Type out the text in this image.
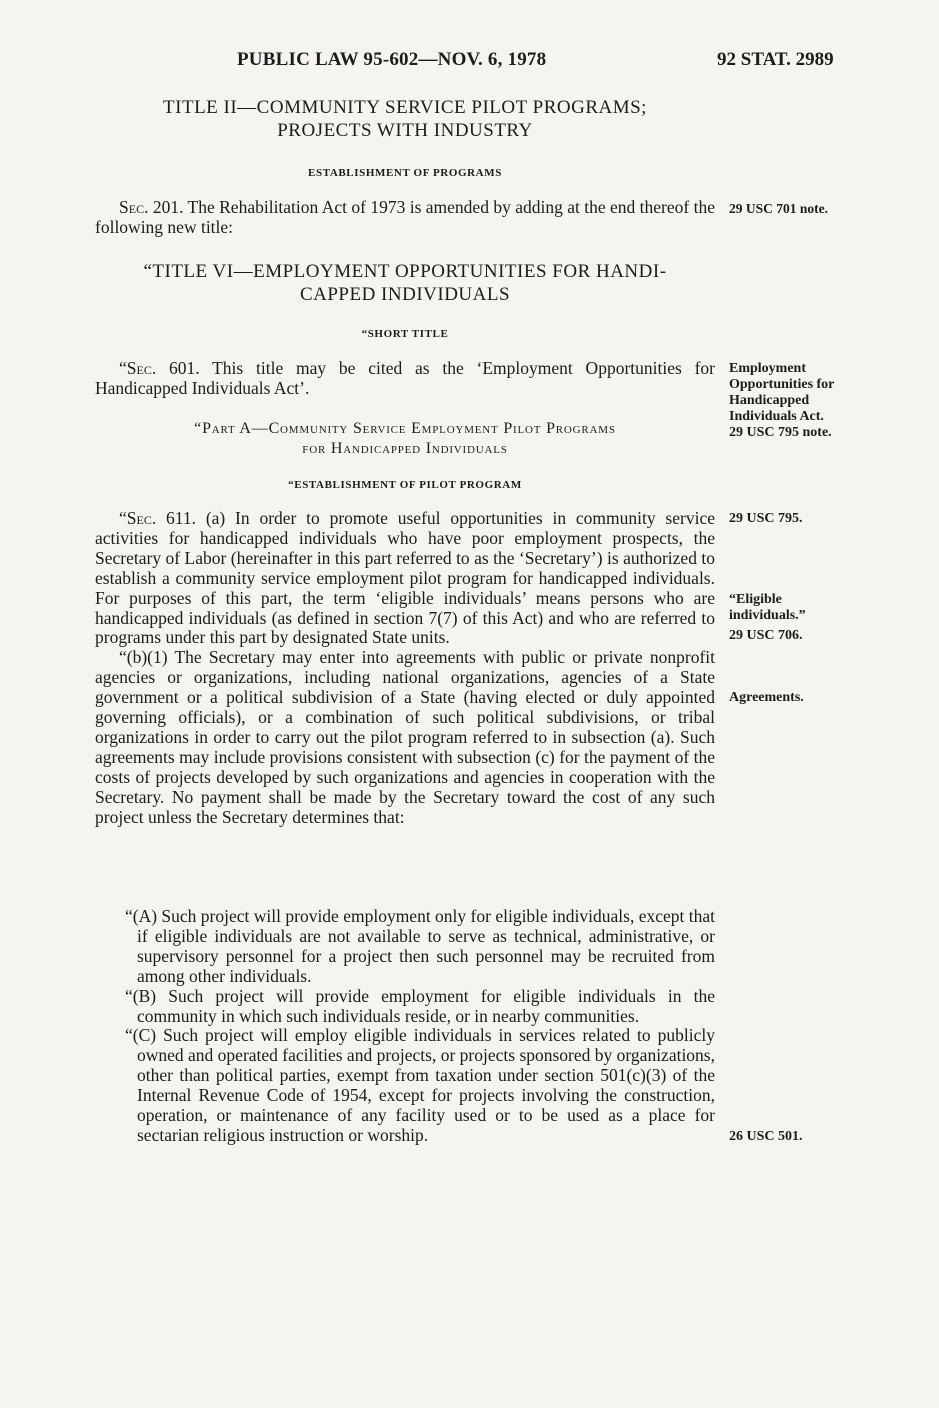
PUBLIC LAW 95-602—NOV. 6, 1978	92 STAT. 2989
TITLE II—COMMUNITY SERVICE PILOT PROGRAMS;
PROJECTS WITH INDUSTRY
ESTABLISHMENT OF PROGRAMS

Sec. 201. The Rehabilitation Act of 1973 is amended by adding at the end thereof the following new title:

“TITLE VI—EMPLOYMENT OPPORTUNITIES FOR HANDI-
CAPPED INDIVIDUALS
“SHORT TITLE

“Sec. 601. This title may be cited as the ‘Employment Opportunities for Handicapped Individuals Act’.

“Part A—Community Service Employment Pilot Programs
for Handicapped Individuals
“ESTABLISHMENT OF PILOT PROGRAM

“Sec. 611. (a) In order to promote useful opportunities in community service activities for handicapped individuals who have poor employment prospects, the Secretary of Labor (hereinafter in this part referred to as the ‘Secretary’) is authorized to establish a community service employment pilot program for handicapped individuals. For purposes of this part, the term ‘eligible individuals’ means persons who are handicapped individuals (as defined in section 7(7) of this Act) and who are referred to programs under this part by designated State units.

“(b)(1) The Secretary may enter into agreements with public or private nonprofit agencies or organizations, including national organizations, agencies of a State government or a political subdivision of a State (having elected or duly appointed governing officials), or a combination of such political subdivisions, or tribal organizations in order to carry out the pilot program referred to in subsection (a). Such agreements may include provisions consistent with subsection (c) for the payment of the costs of projects developed by such organizations and agencies in cooperation with the Secretary. No payment shall be made by the Secretary toward the cost of any such project unless the Secretary determines that:

“(A) Such project will provide employment only for eligible individuals, except that if eligible individuals are not available to serve as technical, administrative, or supervisory personnel for a project then such personnel may be recruited from among other individuals.

“(B) Such project will provide employment for eligible individuals in the community in which such individuals reside, or in nearby communities.

“(C) Such project will employ eligible individuals in services related to publicly owned and operated facilities and projects, or projects sponsored by organizations, other than political parties, exempt from taxation under section 501(c)(3) of the Internal Revenue Code of 1954, except for projects involving the construction, operation, or maintenance of any facility used or to be used as a place for sectarian religious instruction or worship.

29 USC 701 note.
Employment
Opportunities for
Handicapped
Individuals Act.
29 USC 795 note.
29 USC 795.
“Eligible
individuals.”
29 USC 706.
Agreements.
26 USC 501.
